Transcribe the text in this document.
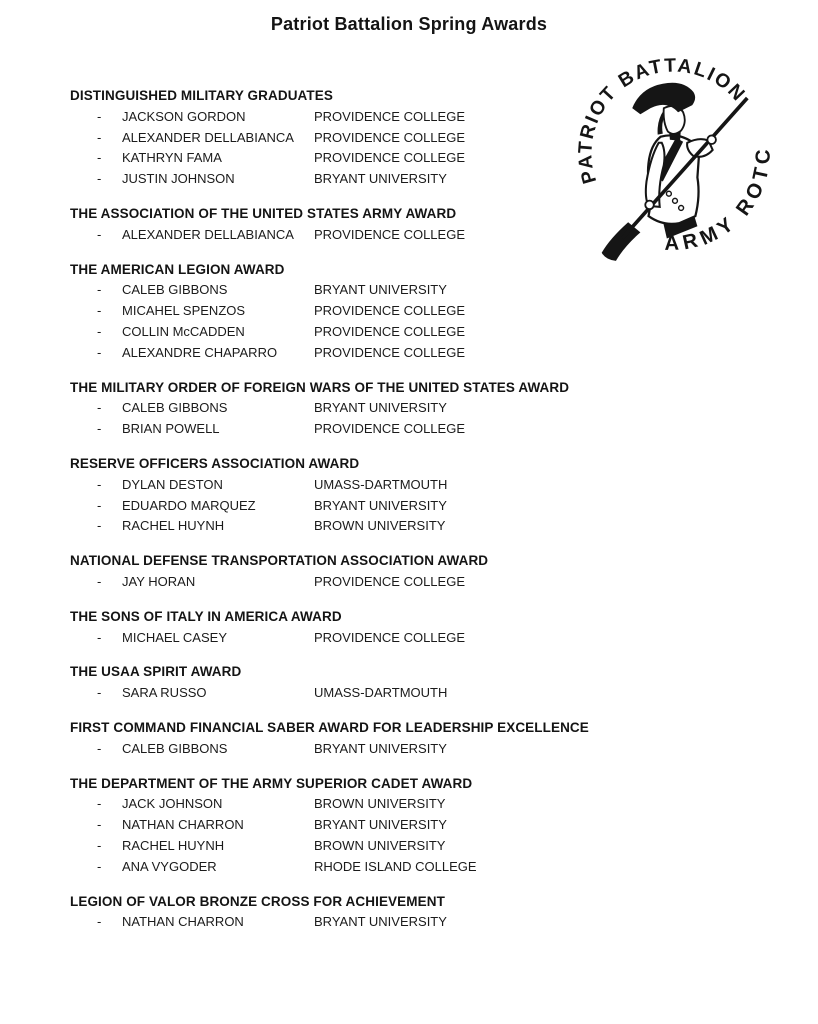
Patriot Battalion Spring Awards
PATRIOT BATTALION
ARMY ROTC
DISTINGUISHED MILITARY GRADUATES
-	JACKSON GORDON	PROVIDENCE COLLEGE
-	ALEXANDER DELLABIANCA	PROVIDENCE COLLEGE
-	KATHRYN FAMA	PROVIDENCE COLLEGE
-	JUSTIN JOHNSON	BRYANT UNIVERSITY
THE ASSOCIATION OF THE UNITED STATES ARMY AWARD
-	ALEXANDER DELLABIANCA	PROVIDENCE COLLEGE
THE AMERICAN LEGION AWARD
-	CALEB GIBBONS	BRYANT UNIVERSITY
-	MICAHEL SPENZOS	PROVIDENCE COLLEGE
-	COLLIN McCADDEN	PROVIDENCE COLLEGE
-	ALEXANDRE CHAPARRO	PROVIDENCE COLLEGE
THE MILITARY ORDER OF FOREIGN WARS OF THE UNITED STATES AWARD
-	CALEB GIBBONS	BRYANT UNIVERSITY
-	BRIAN POWELL	PROVIDENCE COLLEGE
RESERVE OFFICERS ASSOCIATION AWARD
-	DYLAN DESTON	UMASS-DARTMOUTH
-	EDUARDO MARQUEZ	BRYANT UNIVERSITY
-	RACHEL HUYNH	BROWN UNIVERSITY
NATIONAL DEFENSE TRANSPORTATION ASSOCIATION AWARD
-	JAY HORAN	PROVIDENCE COLLEGE
THE SONS OF ITALY IN AMERICA AWARD
-	MICHAEL CASEY	PROVIDENCE COLLEGE
THE USAA SPIRIT AWARD
-	SARA RUSSO	UMASS-DARTMOUTH
FIRST COMMAND FINANCIAL SABER AWARD FOR LEADERSHIP EXCELLENCE
-	CALEB GIBBONS	BRYANT UNIVERSITY
THE DEPARTMENT OF THE ARMY SUPERIOR CADET AWARD
-	JACK JOHNSON	BROWN UNIVERSITY
-	NATHAN CHARRON	BRYANT UNIVERSITY
-	RACHEL HUYNH	BROWN UNIVERSITY
-	ANA VYGODER	RHODE ISLAND COLLEGE
LEGION OF VALOR BRONZE CROSS FOR ACHIEVEMENT
-	NATHAN CHARRON	BRYANT UNIVERSITY
